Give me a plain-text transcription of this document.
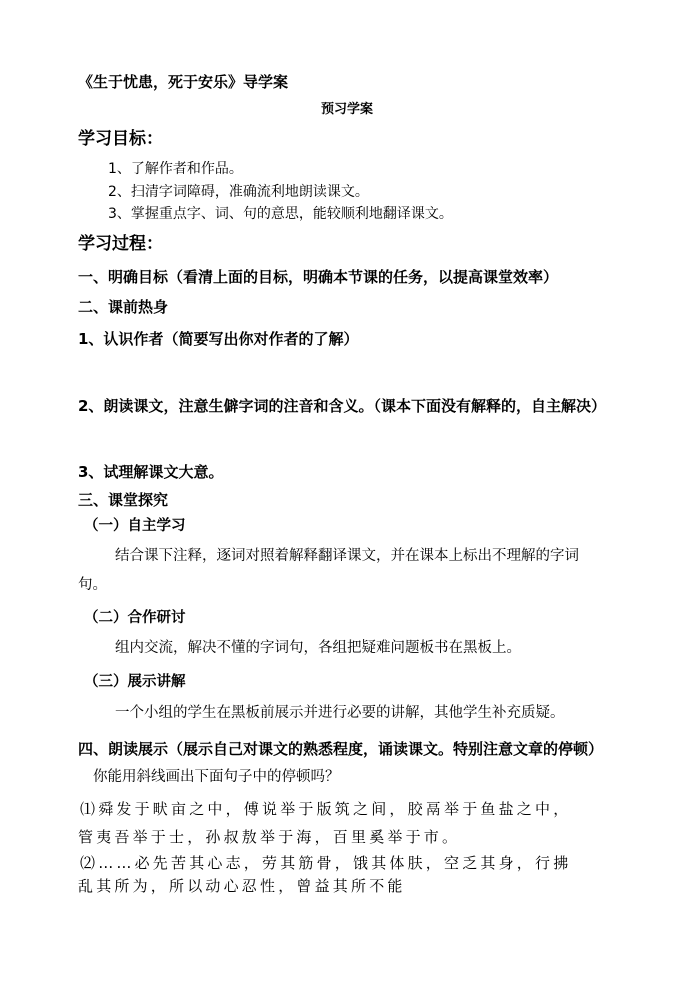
《生于忧患，死于安乐》导学案
预习学案
学习目标：
1、了解作者和作品。
2、扫清字词障碍，准确流利地朗读课文。
3、掌握重点字、词、句的意思，能较顺利地翻译课文。
学习过程：
一、明确目标（看清上面的目标，明确本节课的任务，以提高课堂效率）
二、课前热身
1、认识作者（简要写出你对作者的了解）
2、朗读课文，注意生僻字词的注音和含义。（课本下面没有解释的，自主解决）
3、试理解课文大意。
三、课堂探究
（一）自主学习
结合课下注释，逐词对照着解释翻译课文，并在课本上标出不理解的字词
句。
（二）合作研讨
组内交流，解决不懂的字词句，各组把疑难问题板书在黑板上。
（三）展示讲解
一个小组的学生在黑板前展示并进行必要的讲解，其他学生补充质疑。
四、朗读展示（展示自己对课文的熟悉程度，诵读课文。特别注意文章的停顿）
你能用斜线画出下面句子中的停顿吗？
⑴舜发于畎亩之中，傅说举于版筑之间，胶鬲举于鱼盐之中，
管夷吾举于士，孙叔敖举于海，百里奚举于市。
⑵……必先苦其心志，劳其筋骨，饿其体肤，空乏其身，行拂
乱其所为，所以动心忍性，曾益其所不能
